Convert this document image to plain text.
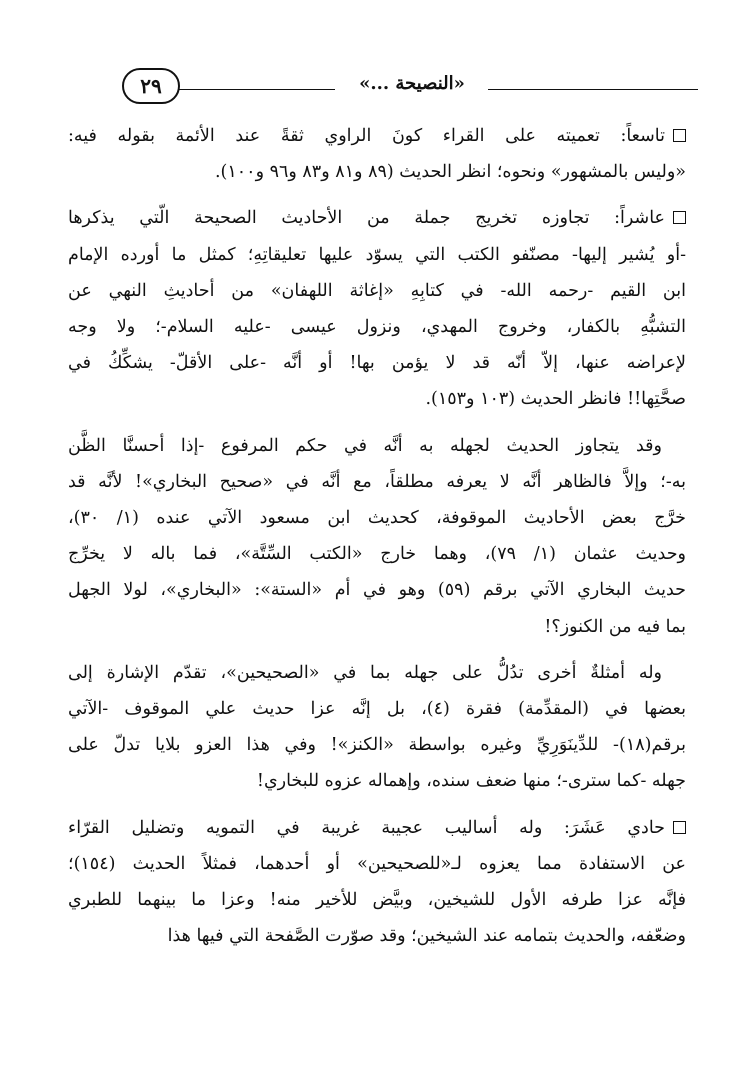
٢٩	«النصيحة ...»
تاسعاً: تعميته على القراء كونَ الراوي ثقةً عند الأئمة بقوله فيه:
«وليس بالمشهور» ونحوه؛ انظر الحديث (٨٩ و٨١ و٨٣ و٩٦ و١٠٠).
عاشراً: تجاوزه تخريج جملة من الأحاديث الصحيحة الّتي يذكرها
-أو يُشير إليها- مصنّفو الكتب التي يسوّد عليها تعليقاتِهِ؛ كمثل ما أورده الإمام
ابن القيم -رحمه الله- في كتابِهِ «إغاثة اللهفان» من أحاديثِ النهي عن
التشبُّهِ بالكفار، وخروج المهدي، ونزول عيسى -عليه السلام-؛ ولا وجه
لإعراضه عنها، إلاّ أنّه قد لا يؤمن بها! أو أنَّه -على الأقلّ- يشكِّكُ في
صحَّتِها!! فانظر الحديث (١٠٣ و١٥٣).
وقد يتجاوز الحديث لجهله به أنَّه في حكم المرفوع -إذا أحسنَّا الظَّن
به-؛ وإلاَّ فالظاهر أنَّه لا يعرفه مطلقاً، مع أنَّه في «صحيح البخاري»! لأنَّه قد
خرَّج بعض الأحاديث الموقوفة، كحديث ابن مسعود الآتي عنده (١/ ٣٠)،
وحديث عثمان (١/ ٧٩)، وهما خارج «الكتب السِّتَّة»، فما باله لا يخرِّج
حديث البخاري الآتي برقم (٥٩) وهو في أم «الستة»: «البخاري»، لولا الجهل
بما فيه من الكنوز؟!
وله أمثلةٌ أخرى تدُلُّ على جهله بما في «الصحيحين»، تقدّم الإشارة إلى
بعضها في (المقدِّمة) فقرة (٤)، بل إنَّه عزا حديث علي الموقوف -الآتي
برقم(١٨)- للدِّينَوَرِيِّ وغيره بواسطة «الكنز»! وفي هذا العزو بلايا تدلّ على
جهله -كما سترى-؛ منها ضعف سنده، وإهماله عزوه للبخاري!
حادي عَشَرَ: وله أساليب عجيبة غريبة في التمويه وتضليل القرّاء
عن الاستفادة مما يعزوه لـ«للصحيحين» أو أحدهما، فمثلاً الحديث (١٥٤)؛
فإنَّه عزا طرفه الأول للشيخين، وبيَّض للأخير منه! وعزا ما بينهما للطبري
وضعّفه، والحديث بتمامه عند الشيخين؛ وقد صوّرت الصَّفحة التي فيها هذا
